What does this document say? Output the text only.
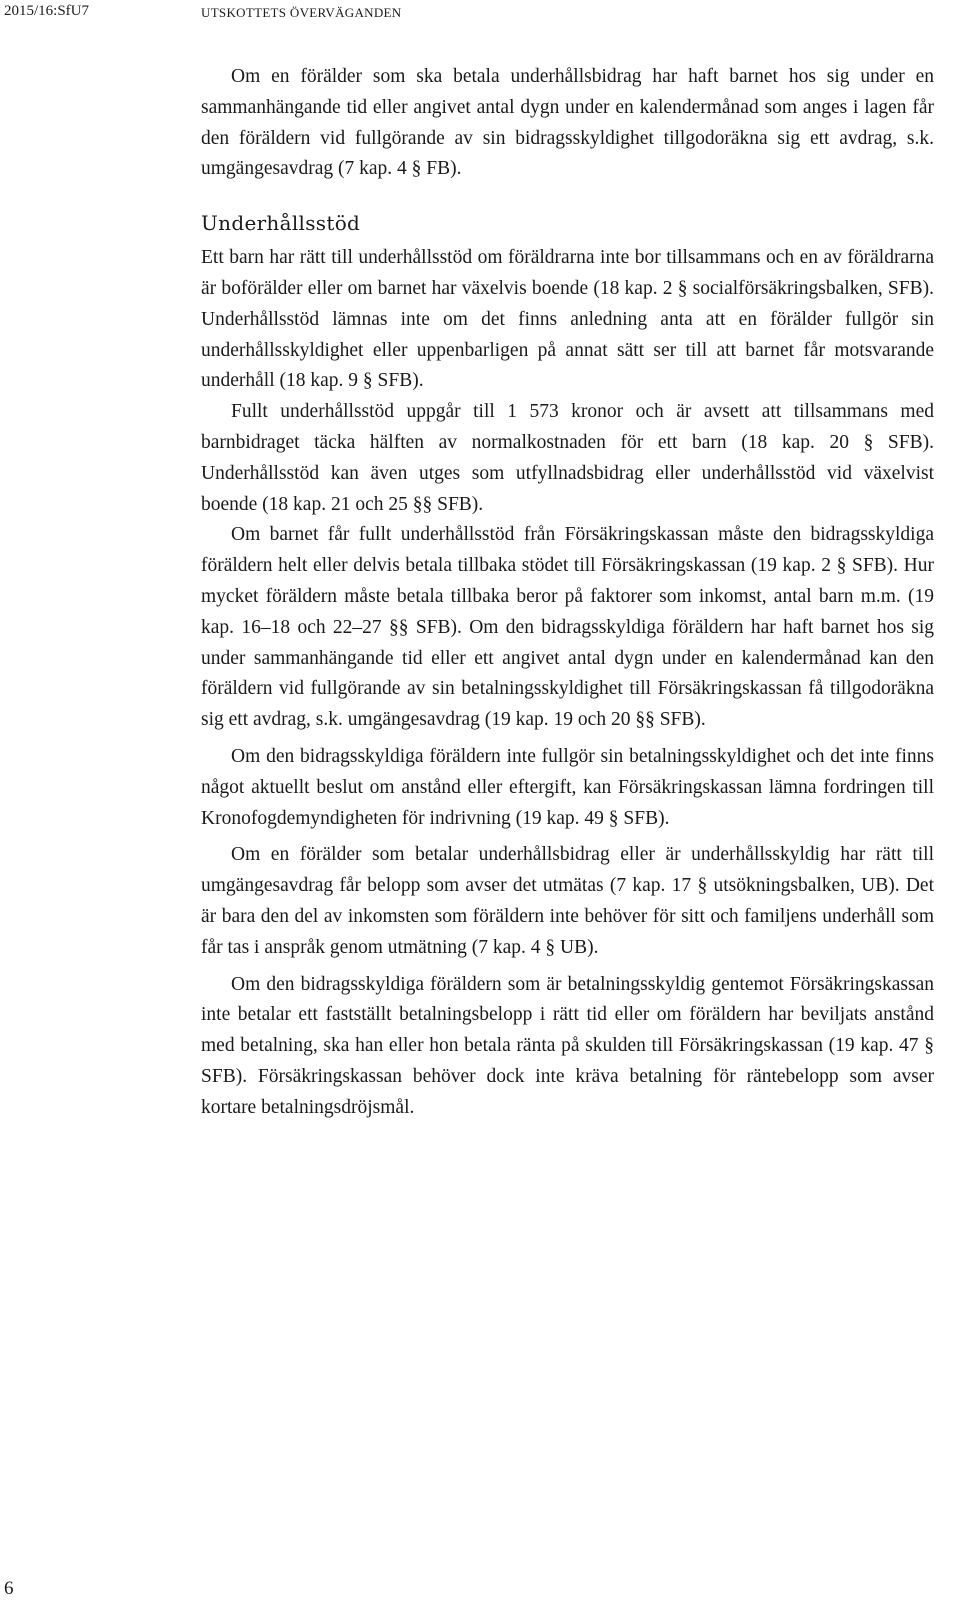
2015/16:SfU7	UTSKOTTETS ÖVERVÄGANDEN

Om en förälder som ska betala underhållsbidrag har haft barnet hos sig under en sammanhängande tid eller angivet antal dygn under en kalendermånad som anges i lagen får den föräldern vid fullgörande av sin bidragsskyldighet tillgodoräkna sig ett avdrag, s.k. umgängesavdrag (7 kap. 4 § FB).

Underhållsstöd

Ett barn har rätt till underhållsstöd om föräldrarna inte bor tillsammans och en av föräldrarna är boförälder eller om barnet har växelvis boende (18 kap. 2 § socialförsäkringsbalken, SFB). Underhållsstöd lämnas inte om det finns anledning anta att en förälder fullgör sin underhållsskyldighet eller uppenbarligen på annat sätt ser till att barnet får motsvarande underhåll (18 kap. 9 § SFB).

Fullt underhållsstöd uppgår till 1 573 kronor och är avsett att tillsammans med barnbidraget täcka hälften av normalkostnaden för ett barn (18 kap. 20 § SFB). Underhållsstöd kan även utges som utfyllnadsbidrag eller underhållsstöd vid växelvist boende (18 kap. 21 och 25 §§ SFB).

Om barnet får fullt underhållsstöd från Försäkringskassan måste den bidragsskyldiga föräldern helt eller delvis betala tillbaka stödet till Försäkringskassan (19 kap. 2 § SFB). Hur mycket föräldern måste betala tillbaka beror på faktorer som inkomst, antal barn m.m. (19 kap. 16–18 och 22–27 §§ SFB). Om den bidragsskyldiga föräldern har haft barnet hos sig under sammanhängande tid eller ett angivet antal dygn under en kalendermånad kan den föräldern vid fullgörande av sin betalningsskyldighet till Försäkringskassan få tillgodoräkna sig ett avdrag, s.k. umgängesavdrag (19 kap. 19 och 20 §§ SFB).

Om den bidragsskyldiga föräldern inte fullgör sin betalningsskyldighet och det inte finns något aktuellt beslut om anstånd eller eftergift, kan Försäkringskassan lämna fordringen till Kronofogdemyndigheten för indrivning (19 kap. 49 § SFB).

Om en förälder som betalar underhållsbidrag eller är underhållsskyldig har rätt till umgängesavdrag får belopp som avser det utmätas (7 kap. 17 § utsökningsbalken, UB). Det är bara den del av inkomsten som föräldern inte behöver för sitt och familjens underhåll som får tas i anspråk genom utmätning (7 kap. 4 § UB).

Om den bidragsskyldiga föräldern som är betalningsskyldig gentemot Försäkringskassan inte betalar ett fastställt betalningsbelopp i rätt tid eller om föräldern har beviljats anstånd med betalning, ska han eller hon betala ränta på skulden till Försäkringskassan (19 kap. 47 § SFB). Försäkringskassan behöver dock inte kräva betalning för räntebelopp som avser kortare betalningsdröjsmål.

6
